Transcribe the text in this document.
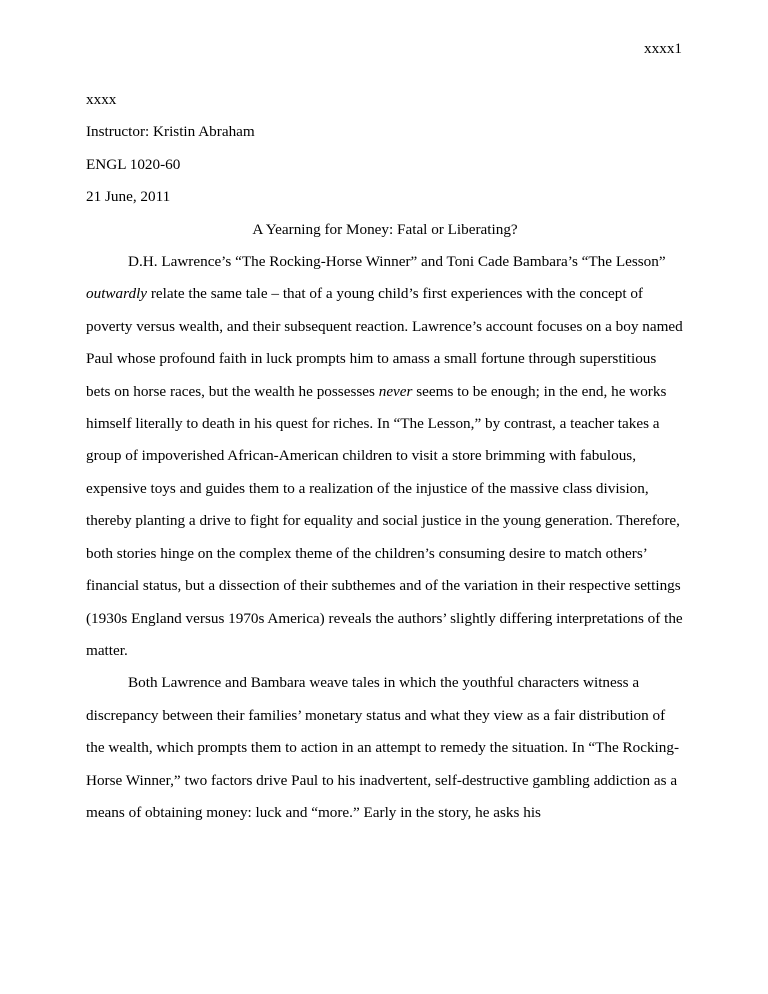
xxxx1

xxxx

Instructor: Kristin Abraham

ENGL 1020-60

21 June, 2011

A Yearning for Money: Fatal or Liberating?

D.H. Lawrence’s “The Rocking-Horse Winner” and Toni Cade Bambara’s “The Lesson” outwardly relate the same tale – that of a young child’s first experiences with the concept of poverty versus wealth, and their subsequent reaction. Lawrence’s account focuses on a boy named Paul whose profound faith in luck prompts him to amass a small fortune through superstitious bets on horse races, but the wealth he possesses never seems to be enough; in the end, he works himself literally to death in his quest for riches. In “The Lesson,” by contrast, a teacher takes a group of impoverished African-American children to visit a store brimming with fabulous, expensive toys and guides them to a realization of the injustice of the massive class division, thereby planting a drive to fight for equality and social justice in the young generation. Therefore, both stories hinge on the complex theme of the children’s consuming desire to match others’ financial status, but a dissection of their subthemes and of the variation in their respective settings (1930s England versus 1970s America) reveals the authors’ slightly differing interpretations of the matter.

Both Lawrence and Bambara weave tales in which the youthful characters witness a discrepancy between their families’ monetary status and what they view as a fair distribution of the wealth, which prompts them to action in an attempt to remedy the situation. In “The Rocking-Horse Winner,” two factors drive Paul to his inadvertent, self-destructive gambling addiction as a means of obtaining money: luck and “more.” Early in the story, he asks his
